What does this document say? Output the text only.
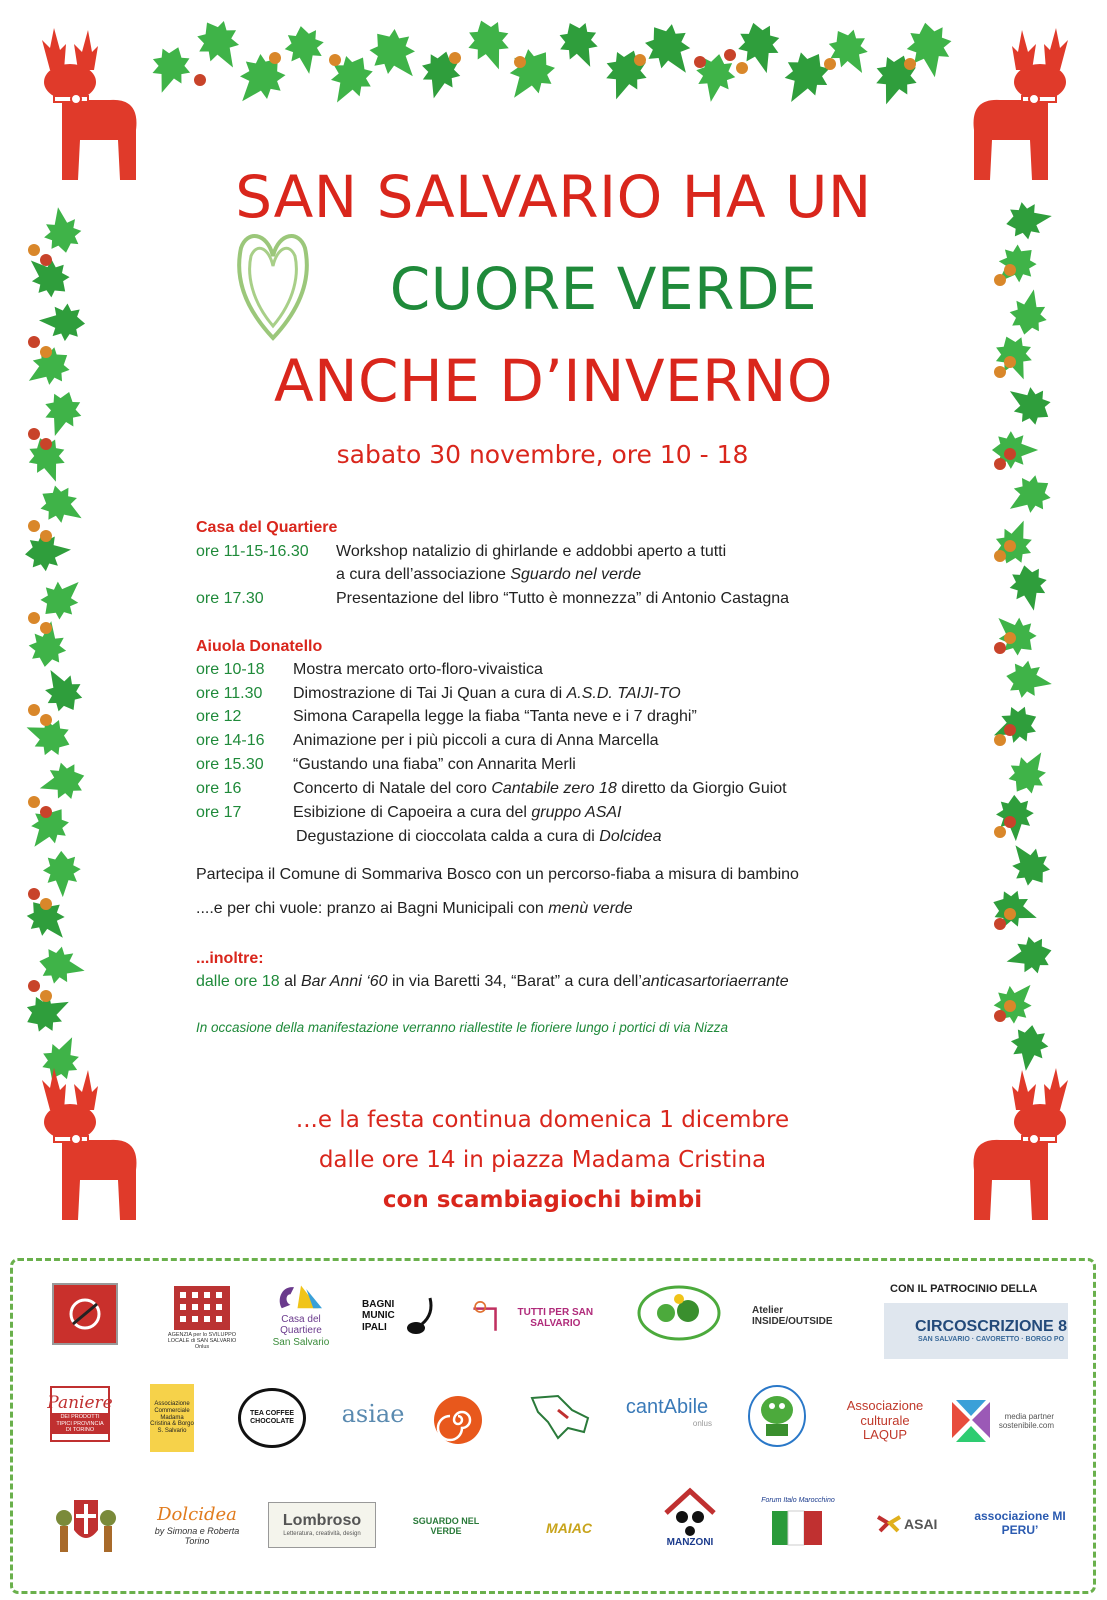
SAN SALVARIO HA UN
CUORE VERDE
ANCHE D’INVERNO
sabato 30 novembre, ore 10 - 18
Casa del Quartiere
ore 11-15-16.30 Workshop natalizio di ghirlande e addobbi aperto a tutti
a cura dell’associazione Sguardo nel verde
ore 17.30	Presentazione del libro “Tutto è monnezza” di Antonio Castagna
Aiuola Donatello
ore 10-18 Mostra mercato orto-floro-vivaistica
ore 11.30 Dimostrazione di Tai Ji Quan a cura di A.S.D. TAIJI-TO
ore 12	Simona Carapella legge la fiaba “Tanta neve e i 7 draghi”
ore 14-16 Animazione per i più piccoli a cura di Anna Marcella
ore 15.30 “Gustando una fiaba” con Annarita Merli
ore 16	Concerto di Natale del coro Cantabile zero 18 diretto da Giorgio Guiot
ore 17	Esibizione di Capoeira a cura del gruppo ASAI
Degustazione di cioccolata calda a cura di Dolcidea
Partecipa il Comune di Sommariva Bosco con un percorso-fiaba a misura di bambino
....e per chi vuole: pranzo ai Bagni Municipali con menù verde
...inoltre:
dalle ore 18 al Bar Anni ‘60 in via Baretti 34, “Barat” a cura dell’anticasartoriaerrante
In occasione della manifestazione verranno riallestite le fioriere lungo i portici di via Nizza
...e la festa continua domenica 1 dicembre
dalle ore 14 in piazza Madama Cristina
con scambiagiochi bimbi
AGENZIA per lo SVILUPPO LOCALE di SAN SALVARIO Onlus
Casa del Quartiere
San Salvario
BAGNI MUNIC IPALI
TUTTI PER SAN SALVARIO
Atelier
INSIDE/OUTSIDE
CON IL PATROCINIO DELLA
CIRCOSCRIZIONE 8
SAN SALVARIO · CAVORETTO · BORGO PO
Paniere
DEI PRODOTTI TIPICI PROVINCIA DI TORINO
Associazione Commerciale Madama Cristina & Borgo S. Salvario
TEA COFFEE CHOCOLATE	asiae	cantAbile
onlus
Associazione culturale LAQUP
media partner sostenibile.com
Dolcidea
by Simona e Roberta Torino
Lombroso
Letteratura, creatività, design
SGUARDO NEL VERDE	MAIAC
MANZONI
Forum Italo Marocchino
ASAI	associazione MI PERU’
